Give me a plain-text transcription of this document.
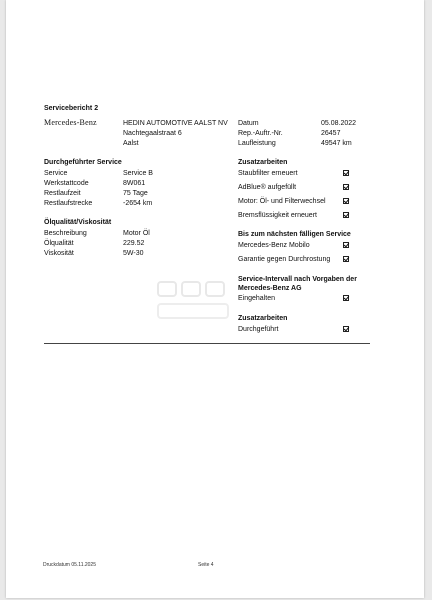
Servicebericht 2
Mercedes-Benz	HEDIN AUTOMOTIVE AALST NV
Nachtegaalstraat 6
Aalst
Datum	05.08.2022
Rep.-Auftr.-Nr.	26457
Laufleistung	49547 km
Durchgeführter Service
Service	Service B
Werkstattcode	8W061
Restlaufzeit	75 Tage
Restlaufstrecke	-2654 km
Ölqualität/Viskosität
Beschreibung	Motor Öl
Ölqualität	229.52
Viskosität	5W-30
Zusatzarbeiten
Staubfilter erneuert
AdBlue® aufgefüllt
Motor: Öl- und Filterwechsel
Bremsflüssigkeit erneuert
Bis zum nächsten fälligen Service
Mercedes-Benz Mobilo
Garantie gegen Durchrostung
Service-Intervall nach Vorgaben der
Mercedes-Benz AG
Eingehalten
Zusatzarbeiten
Durchgeführt
Druckdatum 05.11.2025	Seite 4
